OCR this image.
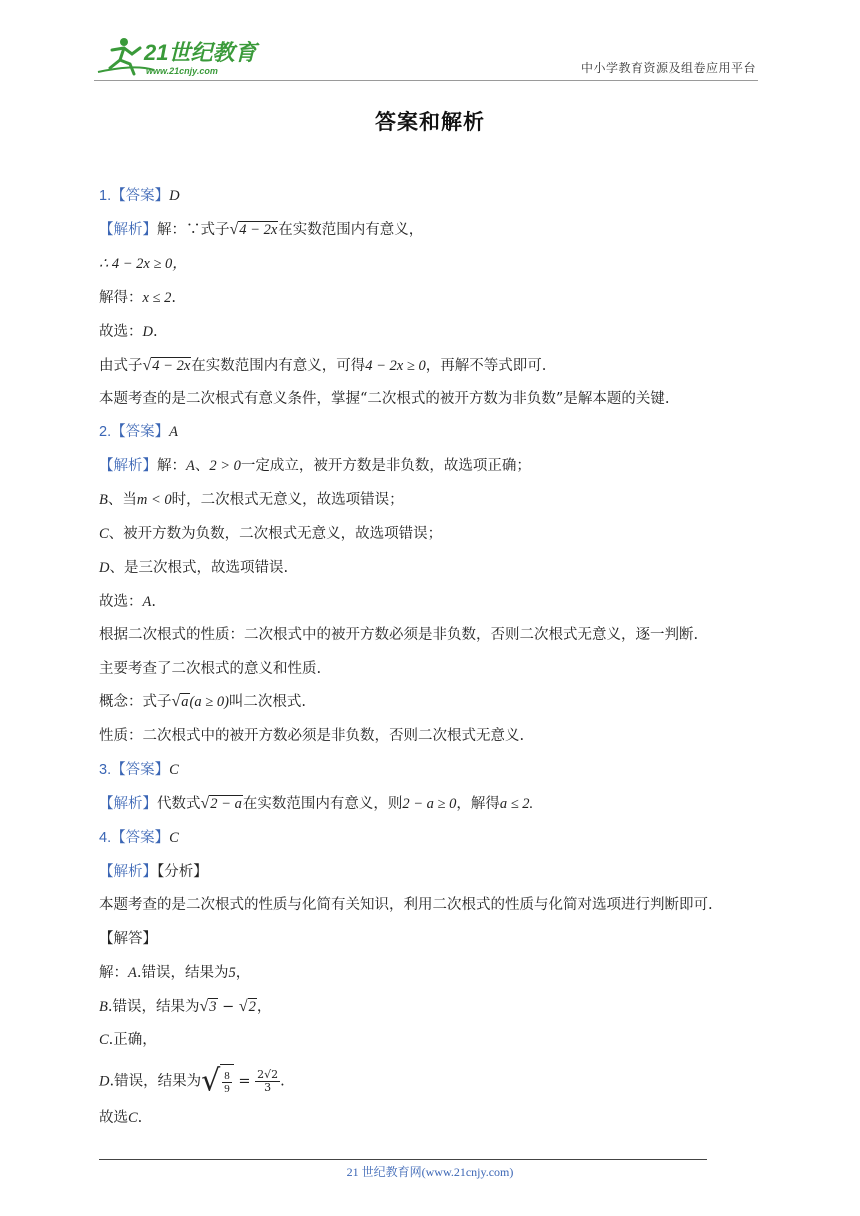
21世纪教育
www.21cnjy.com	中小学教育资源及组卷应用平台
答案和解析
1.【答案】D
【解析】解：∵式子√4 − 2x在实数范围内有意义，
∴ 4 − 2x ≥ 0，
解得：x ≤ 2.
故选：D.
由式子√4 − 2x在实数范围内有意义，可得4 − 2x ≥ 0，再解不等式即可.
本题考查的是二次根式有意义条件，掌握“二次根式的被开方数为非负数”是解本题的关键.
2.【答案】A
【解析】解：A、2 > 0一定成立，被开方数是非负数，故选项正确；
B、当m < 0时，二次根式无意义，故选项错误；
C、被开方数为负数，二次根式无意义，故选项错误；
D、是三次根式，故选项错误.
故选：A.
根据二次根式的性质：二次根式中的被开方数必须是非负数，否则二次根式无意义，逐一判断.
主要考查了二次根式的意义和性质.
概念：式子√a(a ≥ 0)叫二次根式.
性质：二次根式中的被开方数必须是非负数，否则二次根式无意义.
3.【答案】C
【解析】代数式√2 − a在实数范围内有意义，则2 − a ≥ 0，解得a ≤ 2.
4.【答案】C
【解析】【分析】
本题考查的是二次根式的性质与化简有关知识，利用二次根式的性质与化简对选项进行判断即可.
【解答】
解：A.错误，结果为5，
B.错误，结果为√3 − √2，
C.正确，
D.错误，结果为√ $\frac{8}{9} = \frac{2√2}{3}$ .
故选C.
21 世纪教育网(www.21cnjy.com)
